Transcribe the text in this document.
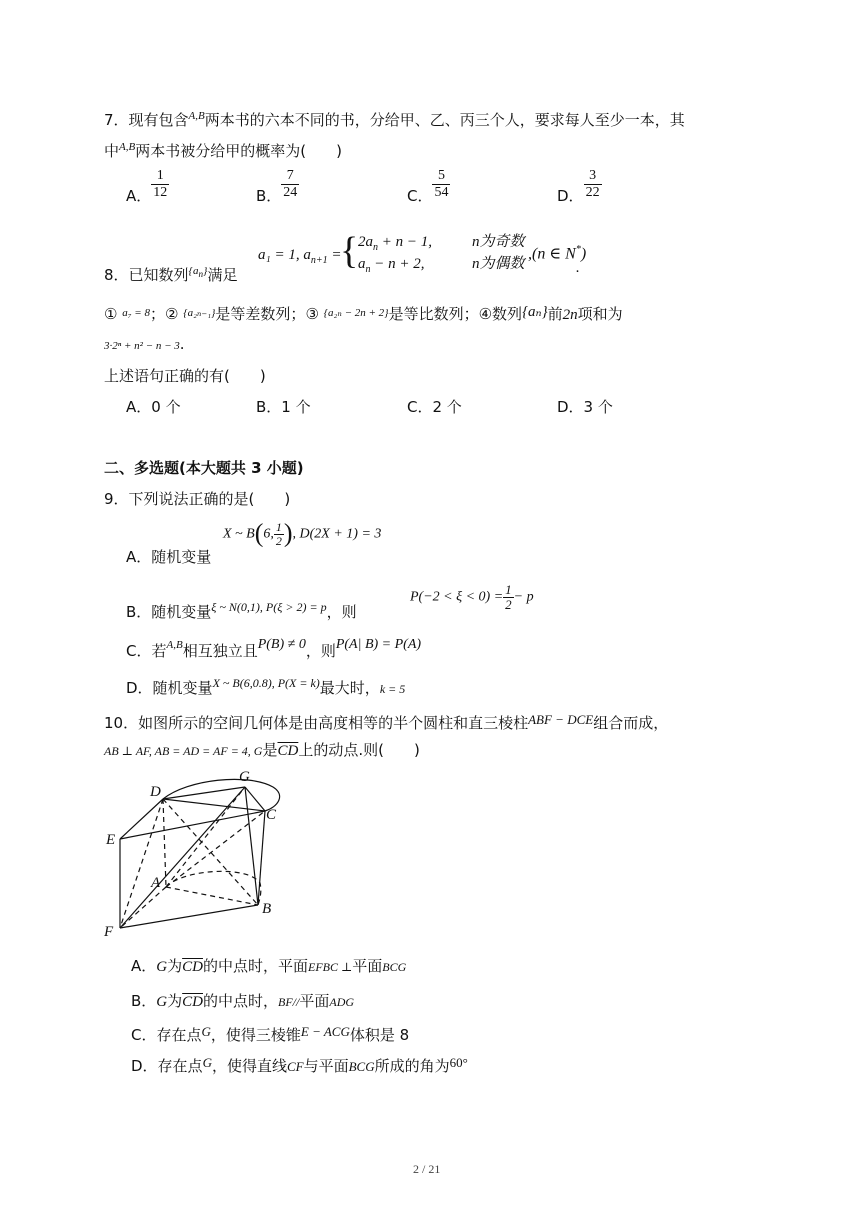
7．现有包含$^{A,B}$两本书的六本不同的书，分给甲、乙、丙三个人，要求每人至少一本，其
中$^{A,B}$两本书被分给甲的概率为(　　)
A． $\frac{1}{12}$	B． $\frac{7}{24}$	C． $\frac{5}{54}$	D． $\frac{3}{22}$
8．已知数列$^{\{a_n\}}$满足
a₁ = 1, $a_{n+1}$ =
{ $2a_n + n - 1$,	n为奇数
$a_n - n + 2$,	n为偶数
,(n ∈ N*)
.
① $^{a_7 = 8}$；② $^{\{a_{2n-1}\}}$是等差数列；③ $^{\{a_{2n} - 2n + 2\}}$是等比数列；④数列{aₙ}前2n项和为
3·2ⁿ + n² − n − 3.
上述语句正确的有(　　)
A．0 个	B．1 个	C．2 个	D．3 个
二、多选题(本大题共 3 小题)
9．下列说法正确的是(　　)
A．随机变量
X ~ B(6, $\frac{1}{2}$ ), D(2X + 1) = 3
B．随机变量$_{\xi \sim N(0,1), P(\xi > 2) = p}$，则
$P(-2 < \xi < 0) = \frac{1}{2} - p$
C．若A,B相互独立且P(B) ≠ 0，则P(A| B) = P(A)
D．随机变量X ~ B(6,0.8), P(X = k)最大时，$_{k = 5}$
10．如图所示的空间几何体是由高度相等的半个圆柱和直三棱柱ABF − DCE组合而成，
AB ⊥ AF, AB = AD = AF = 4, G是$\overline{CD}$上的动点.则(　　)
D
G
C
E
A
B
F
A．G为$\overline{CD}$的中点时，平面EFBC ⊥平面BCG
B．G为$\overline{CD}$的中点时，BF//平面ADG
C．存在点G，使得三棱锥E − ACG体积是 8
D．存在点G，使得直线CF与平面BCG所成的角为60°
2 / 21
